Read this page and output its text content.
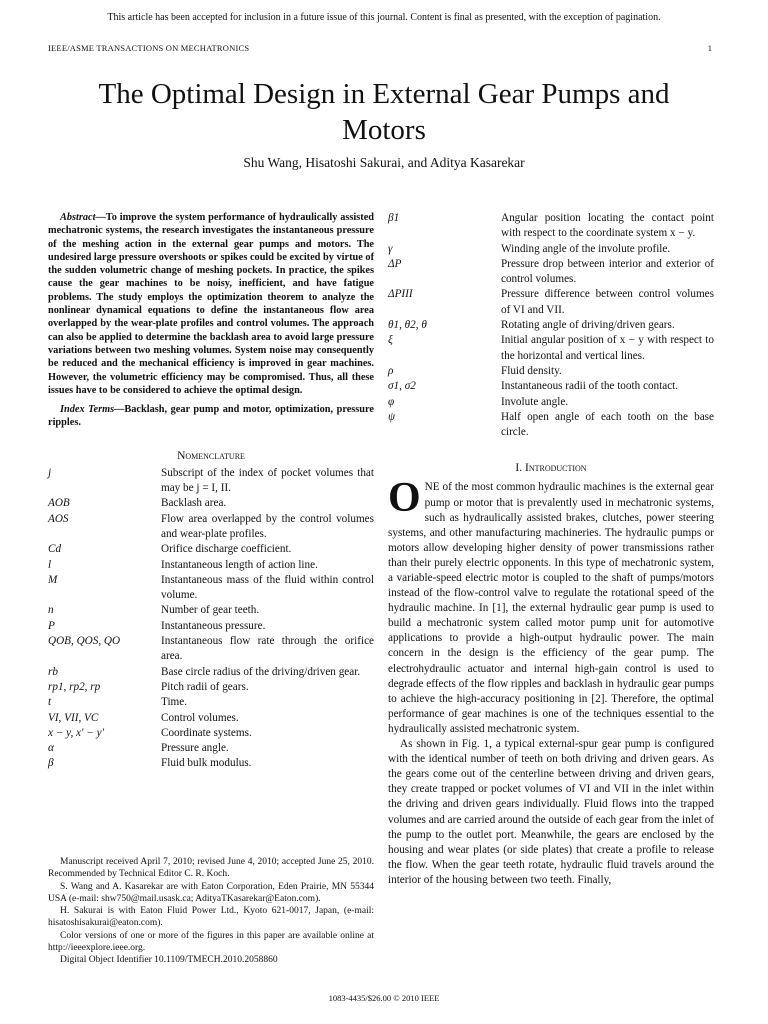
This article has been accepted for inclusion in a future issue of this journal. Content is final as presented, with the exception of pagination.
IEEE/ASME TRANSACTIONS ON MECHATRONICS	1
The Optimal Design in External Gear Pumps and Motors
Shu Wang, Hisatoshi Sakurai, and Aditya Kasarekar

Abstract—To improve the system performance of hydraulically assisted mechatronic systems, the research investigates the instantaneous pressure of the meshing action in the external gear pumps and motors. The undesired large pressure overshoots or spikes could be excited by virtue of the sudden volumetric change of meshing pockets. In practice, the spikes cause the gear machines to be noisy, inefficient, and have fatigue problems. The study employs the optimization theorem to analyze the nonlinear dynamical equations to define the instantaneous flow area overlapped by the wear-plate profiles and control volumes. The approach can also be applied to determine the backlash area to avoid large pressure variations between two meshing volumes. System noise may consequently be reduced and the mechanical efficiency is improved in gear machines. However, the volumetric efficiency may be compromised. Thus, all these issues have to be considered to achieve the optimal design.

Index Terms—Backlash, gear pump and motor, optimization, pressure ripples.

Nomenclature
j	Subscript of the index of pocket volumes that may be j = I, II.
AOB	Backlash area.
AOS	Flow area overlapped by the control volumes and wear-plate profiles.
Cd	Orifice discharge coefficient.
l	Instantaneous length of action line.
M	Instantaneous mass of the fluid within control volume.
n	Number of gear teeth.
P	Instantaneous pressure.
QOB, QOS, QO	Instantaneous flow rate through the orifice area.
rb	Base circle radius of the driving/driven gear.
rp1, rp2, rp	Pitch radii of gears.
t	Time.
VI, VII, VC	Control volumes.
x − y, x′ − y′	Coordinate systems.
α	Pressure angle.
β	Fluid bulk modulus.

Manuscript received April 7, 2010; revised June 4, 2010; accepted June 25, 2010. Recommended by Technical Editor C. R. Koch.

S. Wang and A. Kasarekar are with Eaton Corporation, Eden Prairie, MN 55344 USA (e-mail: shw750@mail.usask.ca; AdityaTKasarekar@Eaton.com).

H. Sakurai is with Eaton Fluid Power Ltd., Kyoto 621-0017, Japan, (e-mail: hisatoshisakurai@eaton.com).

Color versions of one or more of the figures in this paper are available online at http://ieeexplore.ieee.org.

Digital Object Identifier 10.1109/TMECH.2010.2058860

β1	Angular position locating the contact point with respect to the coordinate system x − y.
γ	Winding angle of the involute profile.
ΔP	Pressure drop between interior and exterior of control volumes.
ΔPIII	Pressure difference between control volumes of VI and VII.
θ1, θ2, θ	Rotating angle of driving/driven gears.
ξ	Initial angular position of x − y with respect to the horizontal and vertical lines.
ρ	Fluid density.
σ1, σ2	Instantaneous radii of the tooth contact.
φ	Involute angle.
ψ	Half open angle of each tooth on the base circle.
I. Introduction

ONE of the most common hydraulic machines is the external gear pump or motor that is prevalently used in mechatronic systems, such as hydraulically assisted brakes, clutches, power steering systems, and other manufacturing machineries. The hydraulic pumps or motors allow developing higher density of power transmissions rather than their purely electric opponents. In this type of mechatronic system, a variable-speed electric motor is coupled to the shaft of pumps/motors instead of the flow-control valve to regulate the rotational speed of the hydraulic machine. In [1], the external hydraulic gear pump is used to build a mechatronic system called motor pump unit for automotive applications to provide a high-output hydraulic power. The main concern in the design is the efficiency of the gear pump. The electrohydraulic actuator and internal high-gain control is used to degrade effects of the flow ripples and backlash in hydraulic gear pumps to achieve the high-accuracy positioning in [2]. Therefore, the optimal performance of gear machines is one of the techniques essential to the hydraulically assisted mechatronic system.

As shown in Fig. 1, a typical external-spur gear pump is configured with the identical number of teeth on both driving and driven gears. As the gears come out of the centerline between driving and driven gears, they create trapped or pocket volumes of VI and VII in the inlet within the driving and driven gears individually. Fluid flows into the trapped volumes and are carried around the outside of each gear from the inlet of the pump to the outlet port. Meanwhile, the gears are enclosed by the housing and wear plates (or side plates) that create a profile to release the flow. When the gear teeth rotate, hydraulic fluid travels around the interior of the housing between two teeth. Finally,

1083-4435/$26.00 © 2010 IEEE
